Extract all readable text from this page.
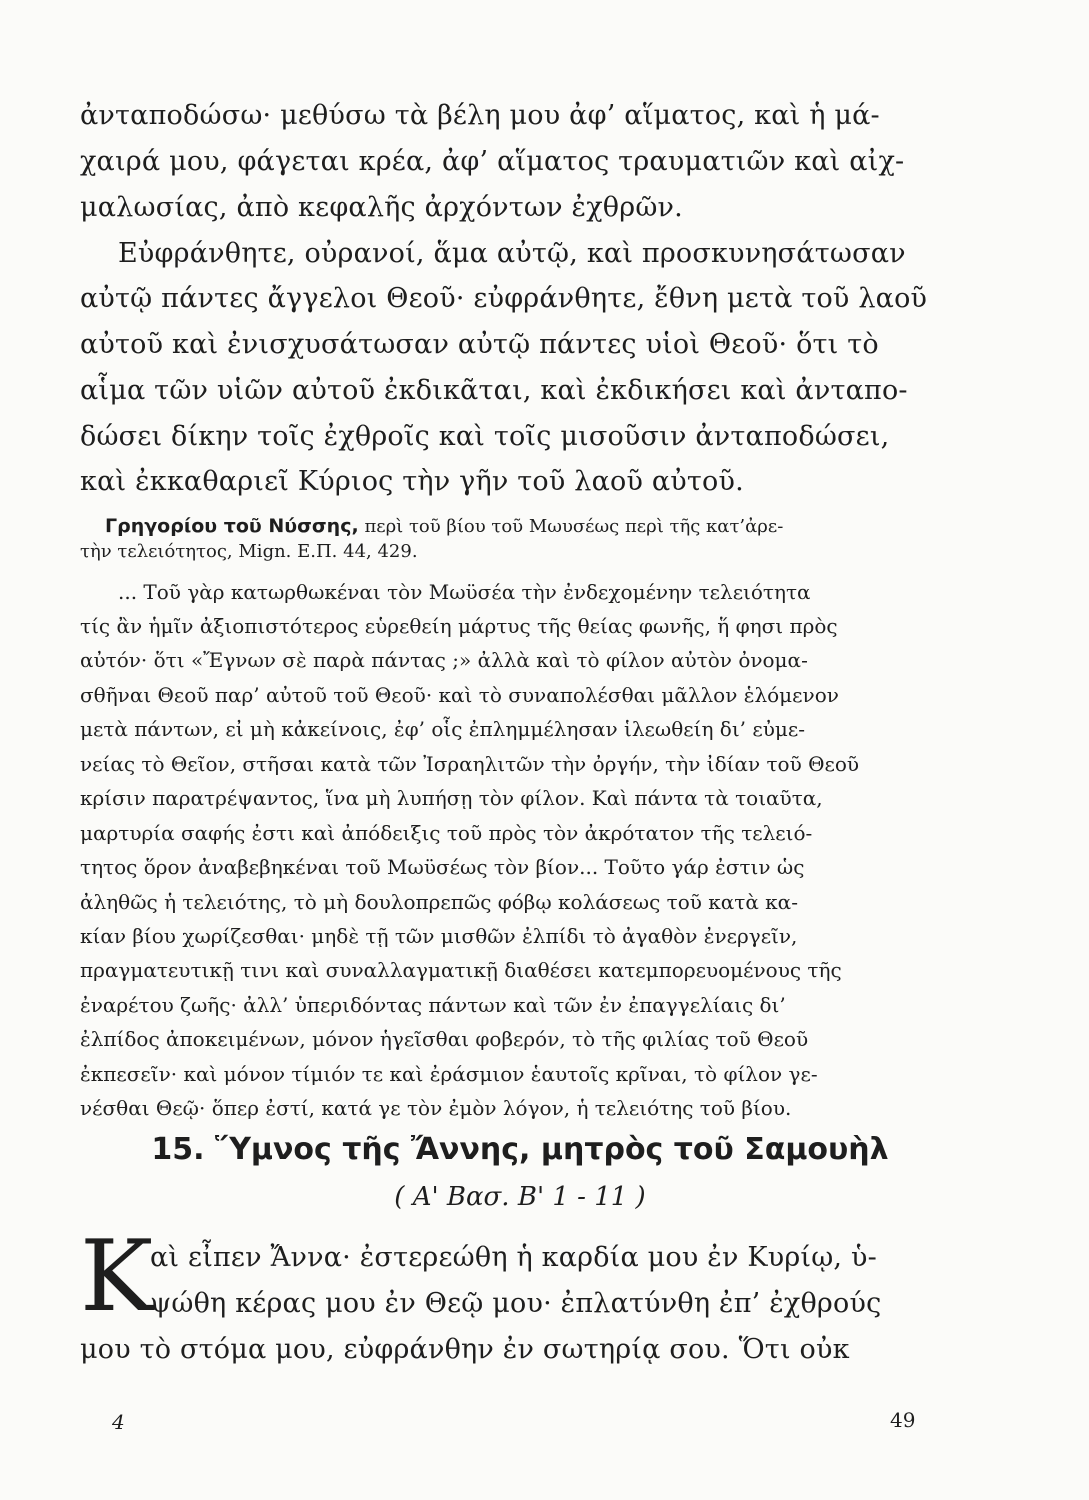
ἀνταποδώσω· μεθύσω τὰ βέλη μου ἀφ’ αἵματος, καὶ ἡ μά-
χαιρά μου, φάγεται κρέα, ἀφ’ αἵματος τραυματιῶν καὶ αἰχ-
μαλωσίας, ἀπὸ κεφαλῆς ἀρχόντων ἐχθρῶν.
Εὐφράνθητε, οὐρανοί, ἅμα αὐτῷ, καὶ προσκυνησάτωσαν
αὐτῷ πάντες ἄγγελοι Θεοῦ· εὐφράνθητε, ἔθνη μετὰ τοῦ λαοῦ
αὐτοῦ καὶ ἐνισχυσάτωσαν αὐτῷ πάντες υἱοὶ Θεοῦ· ὅτι τὸ
αἷμα τῶν υἱῶν αὐτοῦ ἐκδικᾶται, καὶ ἐκδικήσει καὶ ἀνταπο-
δώσει δίκην τοῖς ἐχθροῖς καὶ τοῖς μισοῦσιν ἀνταποδώσει,
καὶ ἐκκαθαριεῖ Κύριος τὴν γῆν τοῦ λαοῦ αὐτοῦ.
Γρηγορίου τοῦ Νύσσης, περὶ τοῦ βίου τοῦ Μωυσέως περὶ τῆς κατ’ἀρε-
τὴν τελειότητος, Mign. Ε.Π. 44, 429.
... Τοῦ γὰρ κατωρθωκέναι τὸν Μωϋσέα τὴν ἐνδεχομένην τελειότητα
τίς ἂν ἡμῖν ἀξιοπιστότερος εὑρεθείη μάρτυς τῆς θείας φωνῆς, ἥ φησι πρὸς
αὐτόν· ὅτι «Ἔγνων σὲ παρὰ πάντας ;» ἀλλὰ καὶ τὸ φίλον αὐτὸν ὀνομα-
σθῆναι Θεοῦ παρ’ αὐτοῦ τοῦ Θεοῦ· καὶ τὸ συναπολέσθαι μᾶλλον ἑλόμενον
μετὰ πάντων, εἰ μὴ κἀκείνοις, ἐφ’ οἷς ἐπλημμέλησαν ἱλεωθείη δι’ εὐμε-
νείας τὸ Θεῖον, στῆσαι κατὰ τῶν Ἰσραηλιτῶν τὴν ὀργήν, τὴν ἰδίαν τοῦ Θεοῦ
κρίσιν παρατρέψαντος, ἵνα μὴ λυπήσῃ τὸν φίλον. Καὶ πάντα τὰ τοιαῦτα,
μαρτυρία σαφής ἐστι καὶ ἀπόδειξις τοῦ πρὸς τὸν ἀκρότατον τῆς τελειό-
τητος ὅρον ἀναβεβηκέναι τοῦ Μωϋσέως τὸν βίον... Τοῦτο γάρ ἐστιν ὡς
ἀληθῶς ἡ τελειότης, τὸ μὴ δουλοπρεπῶς φόβῳ κολάσεως τοῦ κατὰ κα-
κίαν βίου χωρίζεσθαι· μηδὲ τῇ τῶν μισθῶν ἐλπίδι τὸ ἀγαθὸν ἐνεργεῖν,
πραγματευτικῇ τινι καὶ συναλλαγματικῇ διαθέσει κατεμπορευομένους τῆς
ἐναρέτου ζωῆς· ἀλλ’ ὑπεριδόντας πάντων καὶ τῶν ἐν ἐπαγγελίαις δι’
ἐλπίδος ἀποκειμένων, μόνον ἡγεῖσθαι φοβερόν, τὸ τῆς φιλίας τοῦ Θεοῦ
ἐκπεσεῖν· καὶ μόνον τίμιόν τε καὶ ἐράσμιον ἑαυτοῖς κρῖναι, τὸ φίλον γε-
νέσθαι Θεῷ· ὅπερ ἐστί, κατά γε τὸν ἐμὸν λόγον, ἡ τελειότης τοῦ βίου.
15. Ὕμνος τῆς Ἄννης, μητρὸς τοῦ Σαμουὴλ
( Α' Βασ. Β' 1 - 11 )
Κ
αὶ εἶπεν Ἄννα· ἐστερεώθη ἡ καρδία μου ἐν Κυρίῳ, ὑ-
ψώθη κέρας μου ἐν Θεῷ μου· ἐπλατύνθη ἐπ’ ἐχθρούς
μου τὸ στόμα μου, εὐφράνθην ἐν σωτηρίᾳ σου. Ὅτι οὐκ
4	49
